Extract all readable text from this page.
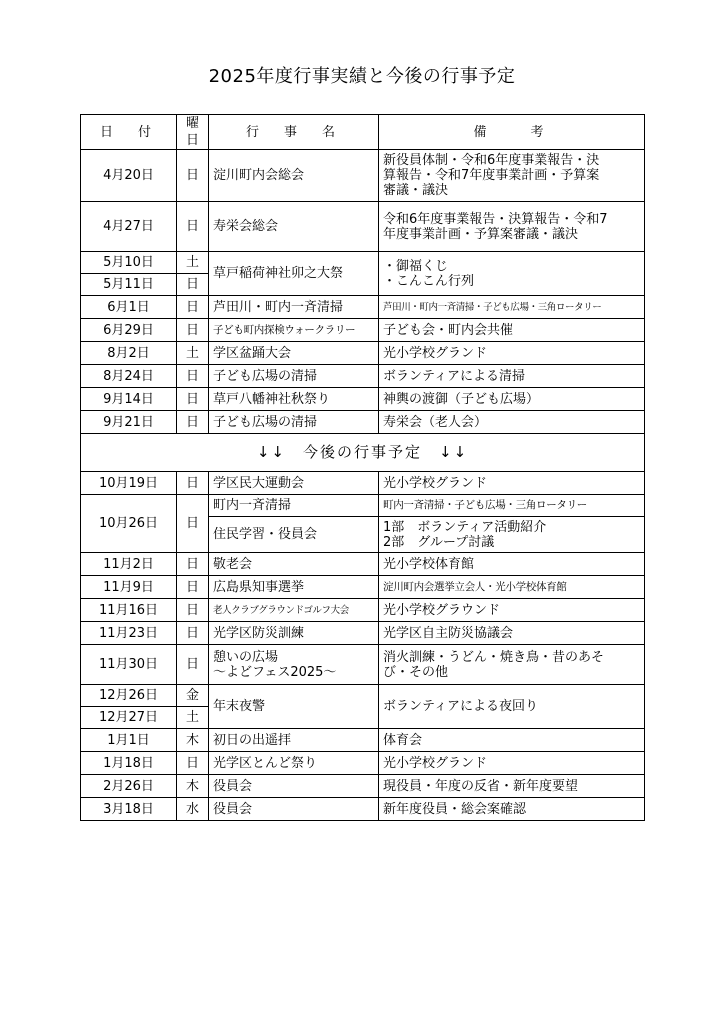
2025年度行事実績と今後の行事予定
日　付	曜日	行　事　名	備　　考
4月20日	日	淀川町内会総会	新役員体制・令和6年度事業報告・決
算報告・令和7年度事業計画・予算案
審議・議決

4月27日	日	寿栄会総会	令和6年度事業報告・決算報告・令和7
年度事業計画・予算案審議・議決

5月10日	土	草戸稲荷神社卯之大祭	・御福くじ
・こんこん行列

5月11日	日		
6月1日	日	芦田川・町内一斉清掃	芦田川・町内一斉清掃・子ども広場・三角ロータリー
6月29日	日	子ども町内探検ウォークラリー	子ども会・町内会共催
8月2日	土	学区盆踊大会	光小学校グランド
8月24日	日	子ども広場の清掃	ボランティアによる清掃
9月14日	日	草戸八幡神社秋祭り	神輿の渡御（子ども広場）
9月21日	日	子ども広場の清掃	寿栄会（老人会）
↓↓　今後の行事予定　↓↓			
10月19日	日	学区民大運動会	光小学校グランド
10月26日	日	町内一斉清掃	町内一斉清掃・子ども広場・三角ロータリー
		住民学習・役員会	1部　ボランティア活動紹介
2部　グループ討議

11月2日	日	敬老会	光小学校体育館
11月9日	日	広島県知事選挙	淀川町内会選挙立会人・光小学校体育館
11月16日	日	老人クラブグラウンドゴルフ大会	光小学校グラウンド
11月23日	日	光学区防災訓練	光学区自主防災協議会
11月30日	日	憩いの広場
～よどフェス2025～	消火訓練・うどん・焼き鳥・昔のあそ
び・その他

12月26日	金	年末夜警	ボランティアによる夜回り
12月27日	土		
1月1日	木	初日の出遥拝	体育会
1月18日	日	光学区とんど祭り	光小学校グランド
2月26日	木	役員会	現役員・年度の反省・新年度要望
3月18日	水	役員会	新年度役員・総会案確認
